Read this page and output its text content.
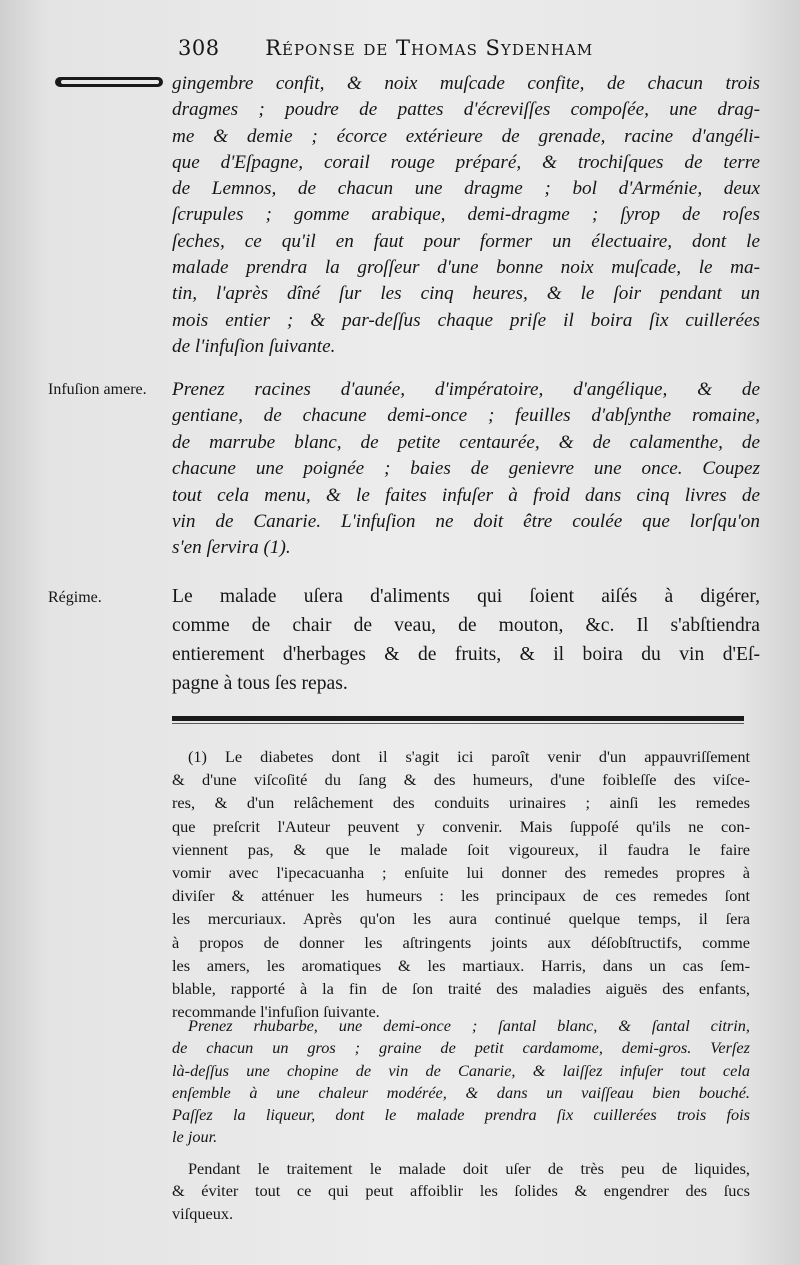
308 Réponse de Thomas Sydenham
gingembre confit, & noix muſcade confite, de chacun trois
dragmes ; poudre de pattes d'écreviſſes compoſée, une drag-
me & demie ; écorce extérieure de grenade, racine d'angéli-
que d'Eſpagne, corail rouge préparé, & trochiſques de terre
de Lemnos, de chacun une dragme ; bol d'Arménie, deux
ſcrupules ; gomme arabique, demi-dragme ; ſyrop de roſes
ſeches, ce qu'il en faut pour former un électuaire, dont le
malade prendra la groſſeur d'une bonne noix muſcade, le ma-
tin, l'après dîné ſur les cinq heures, & le ſoir pendant un
mois entier ; & par-deſſus chaque priſe il boira ſix cuillerées
de l'infuſion ſuivante.
Infuſion amere.	Prenez racines d'aunée, d'impératoire, d'angélique, & de
gentiane, de chacune demi-once ; feuilles d'abſynthe romaine,
de marrube blanc, de petite centaurée, & de calamenthe, de
chacune une poignée ; baies de genievre une once. Coupez
tout cela menu, & le faites infuſer à froid dans cinq livres de
vin de Canarie. L'infuſion ne doit être coulée que lorſqu'on
s'en ſervira (1).
Régime.	Le malade uſera d'aliments qui ſoient aiſés à digérer,
comme de chair de veau, de mouton, &c. Il s'abſtiendra
entierement d'herbages & de fruits, & il boira du vin d'Eſ-
pagne à tous ſes repas.
(1) Le diabetes dont il s'agit ici paroît venir d'un appauvriſſement
& d'une viſcoſité du ſang & des humeurs, d'une foibleſſe des viſce-
res, & d'un relâchement des conduits urinaires ; ainſi les remedes
que preſcrit l'Auteur peuvent y convenir. Mais ſuppoſé qu'ils ne con-
viennent pas, & que le malade ſoit vigoureux, il faudra le faire
vomir avec l'ipecacuanha ; enſuite lui donner des remedes propres à
diviſer & atténuer les humeurs : les principaux de ces remedes ſont
les mercuriaux. Après qu'on les aura continué quelque temps, il ſera
à propos de donner les aſtringents joints aux déſobſtructifs, comme
les amers, les aromatiques & les martiaux. Harris, dans un cas ſem-
blable, rapporté à la fin de ſon traité des maladies aiguës des enfants,
recommande l'infuſion ſuivante.
Prenez rhubarbe, une demi-once ; ſantal blanc, & ſantal citrin,
de chacun un gros ; graine de petit cardamome, demi-gros. Verſez
là-deſſus une chopine de vin de Canarie, & laiſſez infuſer tout cela
enſemble à une chaleur modérée, & dans un vaiſſeau bien bouché.
Paſſez la liqueur, dont le malade prendra ſix cuillerées trois fois
le jour.
Pendant le traitement le malade doit uſer de très peu de liquides,
& éviter tout ce qui peut affoiblir les ſolides & engendrer des ſucs
viſqueux.
